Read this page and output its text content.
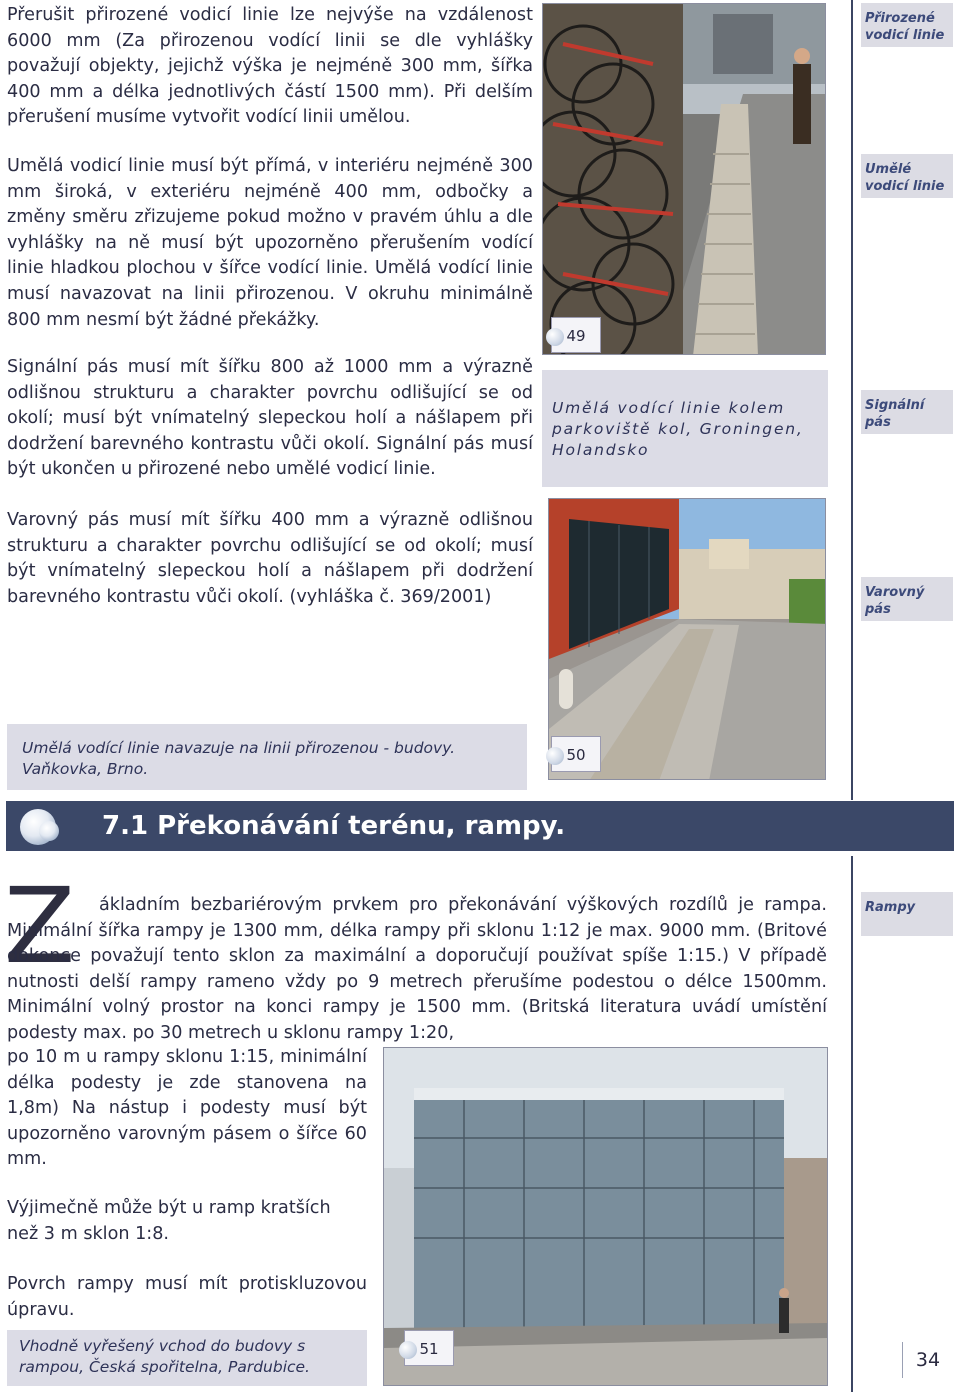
Přerušit přirozené vodicí linie lze nejvýše na vzdálenost 6000 mm (Za přirozenou vodící linii se dle vyhlášky považují objekty, jejichž výška je nejméně 300 mm, šířka 400 mm a délka jednotlivých částí 1500 mm). Při delším přerušení musíme vytvořit vodící linii umělou.

Umělá vodicí linie musí být přímá, v interiéru nejméně 300 mm široká, v exteriéru nejméně 400 mm, odbočky a změny směru zřizujeme pokud možno v pravém úhlu a dle vyhlášky na ně musí být upozorněno přerušením vodící linie hladkou plochou v šířce vodící linie. Umělá vodící linie musí navazovat na linii přirozenou. V okruhu minimálně 800 mm nesmí být žádné překážky.

Signální pás musí mít šířku 800 až 1000 mm a výrazně odlišnou strukturu a charakter povrchu odlišující se od okolí; musí být vnímatelný slepeckou holí a nášlapem při dodržení barevného kontrastu vůči okolí. Signální pás musí být ukončen u přirozené nebo umělé vodicí linie.

Varovný pás musí mít šířku 400 mm a výrazně odlišnou strukturu a charakter povrchu odlišující se od okolí; musí být vnímatelný slepeckou holí a nášlapem při dodržení barevného kontrastu vůči okolí. (vyhláška č. 369/2001)

Přirozené vodicí linie
Umělé vodicí linie
Signální pás
Varovný pás
Rampy
49
Umělá vodící linie kolem parkoviště kol, Groningen, Holandsko
50
Umělá vodící linie navazuje na linii přirozenou - budovy. Vaňkovka, Brno.
7.1 Překonávání terénu, rampy.
Z	ákladním bezbariérovým prvkem pro překonávání výškových rozdílů je rampa. Minimální šířka rampy je 1300 mm, délka rampy při sklonu 1:12 je max. 9000 mm. (Britové dokonce považují tento sklon za maximální a doporučují používat spíše 1:15.) V případě nutnosti delší rampy rameno vždy po 9 metrech přerušíme podestou o délce 1500mm. Minimální volný prostor na konci rampy je 1500 mm. (Britská literatura uvádí umístění podesty max. po 30 metrech u sklonu rampy 1:20,

po 10 m u rampy sklonu 1:15, minimální délka podesty je zde stanovena na 1,8m) Na nástup i podesty musí být upozorněno varovným pásem o šířce 60 mm.

Výjimečně může být u ramp kratších než 3 m sklon 1:8.

Povrch rampy musí mít protiskluzovou úpravu.

51
Vhodně vyřešený vchod do budovy s rampou, Česká spořitelna, Pardubice.	34
